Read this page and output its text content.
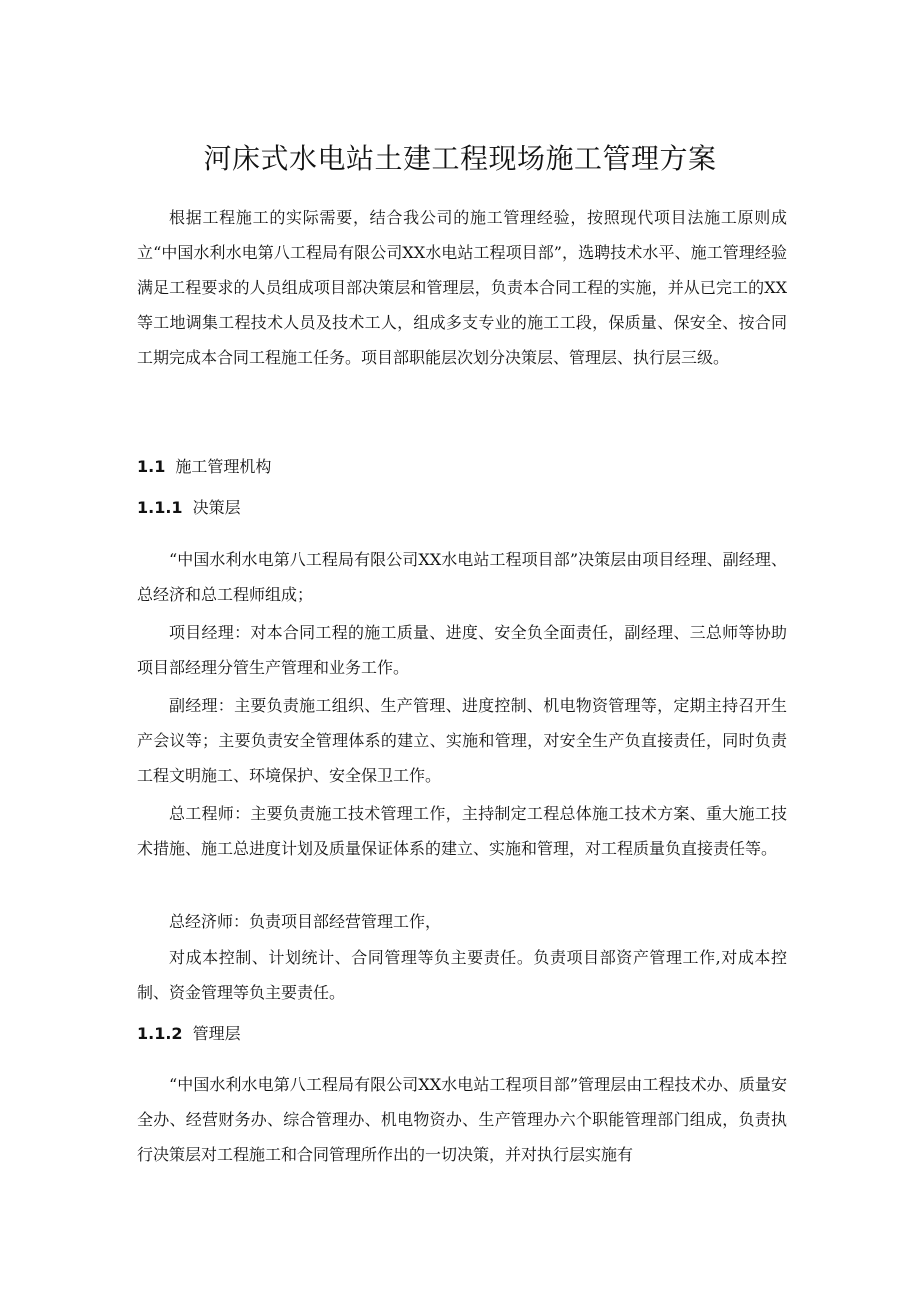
河床式水电站土建工程现场施工管理方案

根据工程施工的实际需要，结合我公司的施工管理经验，按照现代项目法施工原则成立“中国水利水电第八工程局有限公司XX水电站工程项目部”，选聘技术水平、施工管理经验满足工程要求的人员组成项目部决策层和管理层，负责本合同工程的实施，并从已完工的XX等工地调集工程技术人员及技术工人，组成多支专业的施工工段，保质量、保安全、按合同工期完成本合同工程施工任务。项目部职能层次划分决策层、管理层、执行层三级。

1.1 施工管理机构
1.1.1 决策层

“中国水利水电第八工程局有限公司XX水电站工程项目部”决策层由项目经理、副经理、总经济和总工程师组成；

项目经理：对本合同工程的施工质量、进度、安全负全面责任，副经理、三总师等协助项目部经理分管生产管理和业务工作。

副经理：主要负责施工组织、生产管理、进度控制、机电物资管理等，定期主持召开生产会议等；主要负责安全管理体系的建立、实施和管理，对安全生产负直接责任，同时负责工程文明施工、环境保护、安全保卫工作。

总工程师：主要负责施工技术管理工作，主持制定工程总体施工技术方案、重大施工技术措施、施工总进度计划及质量保证体系的建立、实施和管理，对工程质量负直接责任等。

总经济师：负责项目部经营管理工作，

对成本控制、计划统计、合同管理等负主要责任。负责项目部资产管理工作,对成本控制、资金管理等负主要责任。

1.1.2 管理层

“中国水利水电第八工程局有限公司XX水电站工程项目部”管理层由工程技术办、质量安全办、经营财务办、综合管理办、机电物资办、生产管理办六个职能管理部门组成，负责执行决策层对工程施工和合同管理所作出的一切决策，并对执行层实施有
